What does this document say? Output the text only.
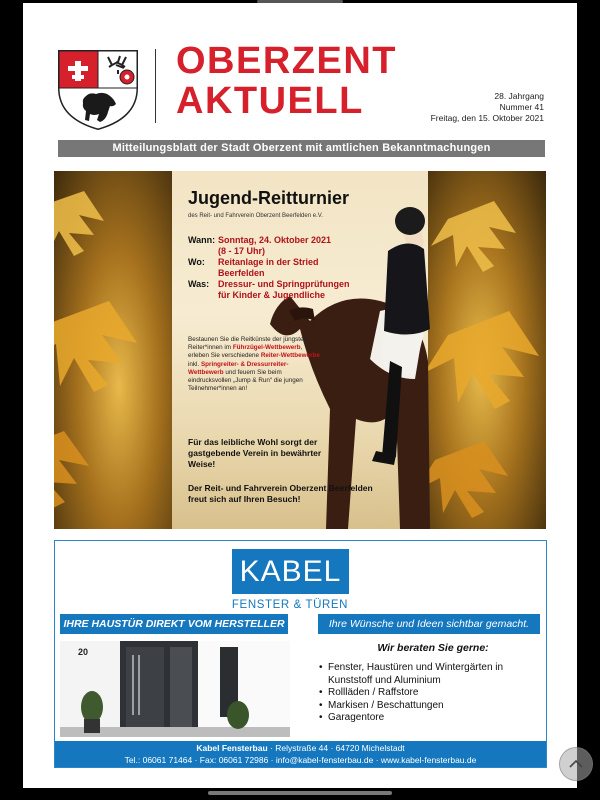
OBERZENT
AKTUELL	28. Jahrgang
Nummer 41
Freitag, den 15. Oktober 2021
Mitteilungsblatt der Stadt Oberzent mit amtlichen Bekanntmachungen
Jugend-Reitturnier
des Reit- und Fahrverein Oberzent Beerfelden e.V.
Wann: Sonntag, 24. Oktober 2021
(8 - 17 Uhr)
Wo:	Reitanlage in der Stried
Beerfelden
Was: Dressur- und Springprüfungen
für Kinder & Jugendliche
Bestaunen Sie die Reitkünste der jüngsten Reiter*innen im Führzügel-Wettbewerb, erleben Sie verschiedene Reiter-Wettbewerbe inkl. Springreiter- & Dressurreiter-Wettbewerb und feuern Sie beim eindrucksvollen „Jump & Run“ die jungen Teilnehmer*innen an!
Für das leibliche Wohl sorgt der gastgebende Verein in bewährter Weise!
Der Reit- und Fahrverein Oberzent Beerfelden freut sich auf Ihren Besuch!
KABEL
FENSTER & TÜREN
IHRE HAUSTÜR DIREKT VOM HERSTELLER	Ihre Wünsche und Ideen sichtbar gemacht.
20	Wir beraten Sie gerne:
• Fenster, Haustüren und Wintergärten in Kunststoff und Aluminium
• Rollläden / Raffstore
• Markisen / Beschattungen
• Garagentore
Kabel Fensterbau · Relystraße 44 · 64720 Michelstadt
Tel.: 06061 71464 · Fax: 06061 72986 · info@kabel-fensterbau.de · www.kabel-fensterbau.de
